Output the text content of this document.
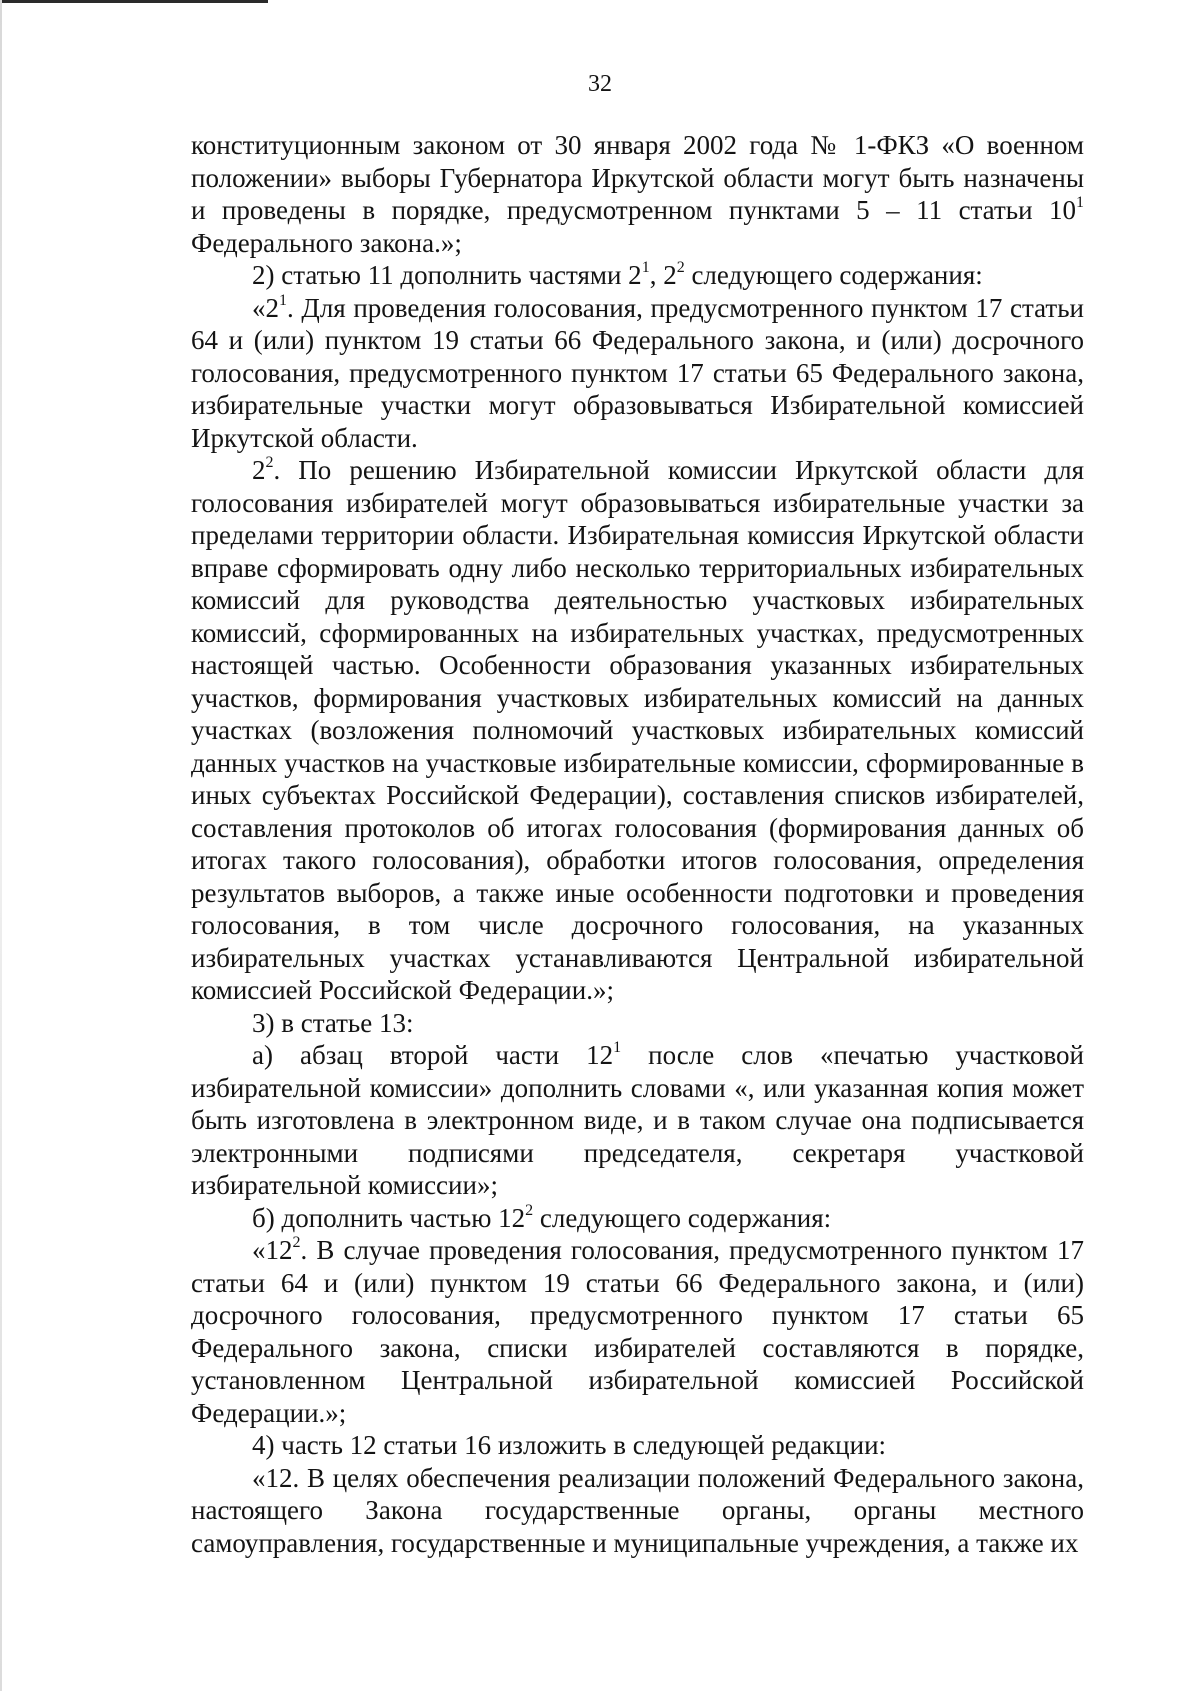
32

конституционным законом от 30 января 2002 года № 1-ФКЗ «О военном положении» выборы Губернатора Иркутской области могут быть назначены и проведены в порядке, предусмотренном пунктами 5 – 11 статьи $10^1$ Федерального закона.»;

2) статью 11 дополнить частями $2^1$, $2^2$ следующего содержания:

«$2^1$. Для проведения голосования, предусмотренного пунктом 17 статьи 64 и (или) пунктом 19 статьи 66 Федерального закона, и (или) досрочного голосования, предусмотренного пунктом 17 статьи 65 Федерального закона, избирательные участки могут образовываться Избирательной комиссией Иркутской области.

$2^2$. По решению Избирательной комиссии Иркутской области для голосования избирателей могут образовываться избирательные участки за пределами территории области. Избирательная комиссия Иркутской области вправе сформировать одну либо несколько территориальных избирательных комиссий для руководства деятельностью участковых избирательных комиссий, сформированных на избирательных участках, предусмотренных настоящей частью. Особенности образования указанных избирательных участков, формирования участковых избирательных комиссий на данных участках (возложения полномочий участковых избирательных комиссий данных участков на участковые избирательные комиссии, сформированные в иных субъектах Российской Федерации), составления списков избирателей, составления протоколов об итогах голосования (формирования данных об итогах такого голосования), обработки итогов голосования, определения результатов выборов, а также иные особенности подготовки и проведения голосования, в том числе досрочного голосования, на указанных избирательных участках устанавливаются Центральной избирательной комиссией Российской Федерации.»;

3) в статье 13:

а) абзац второй части $12^1$ после слов «печатью участковой избирательной комиссии» дополнить словами «, или указанная копия может быть изготовлена в электронном виде, и в таком случае она подписывается электронными подписями председателя, секретаря участковой избирательной комиссии»;

б) дополнить частью $12^2$ следующего содержания:

«$12^2$. В случае проведения голосования, предусмотренного пунктом 17 статьи 64 и (или) пунктом 19 статьи 66 Федерального закона, и (или) досрочного голосования, предусмотренного пунктом 17 статьи 65 Федерального закона, списки избирателей составляются в порядке, установленном Центральной избирательной комиссией Российской Федерации.»;

4) часть 12 статьи 16 изложить в следующей редакции:

«12. В целях обеспечения реализации положений Федерального закона, настоящего Закона государственные органы, органы местного самоуправления, государственные и муниципальные учреждения, а также их
